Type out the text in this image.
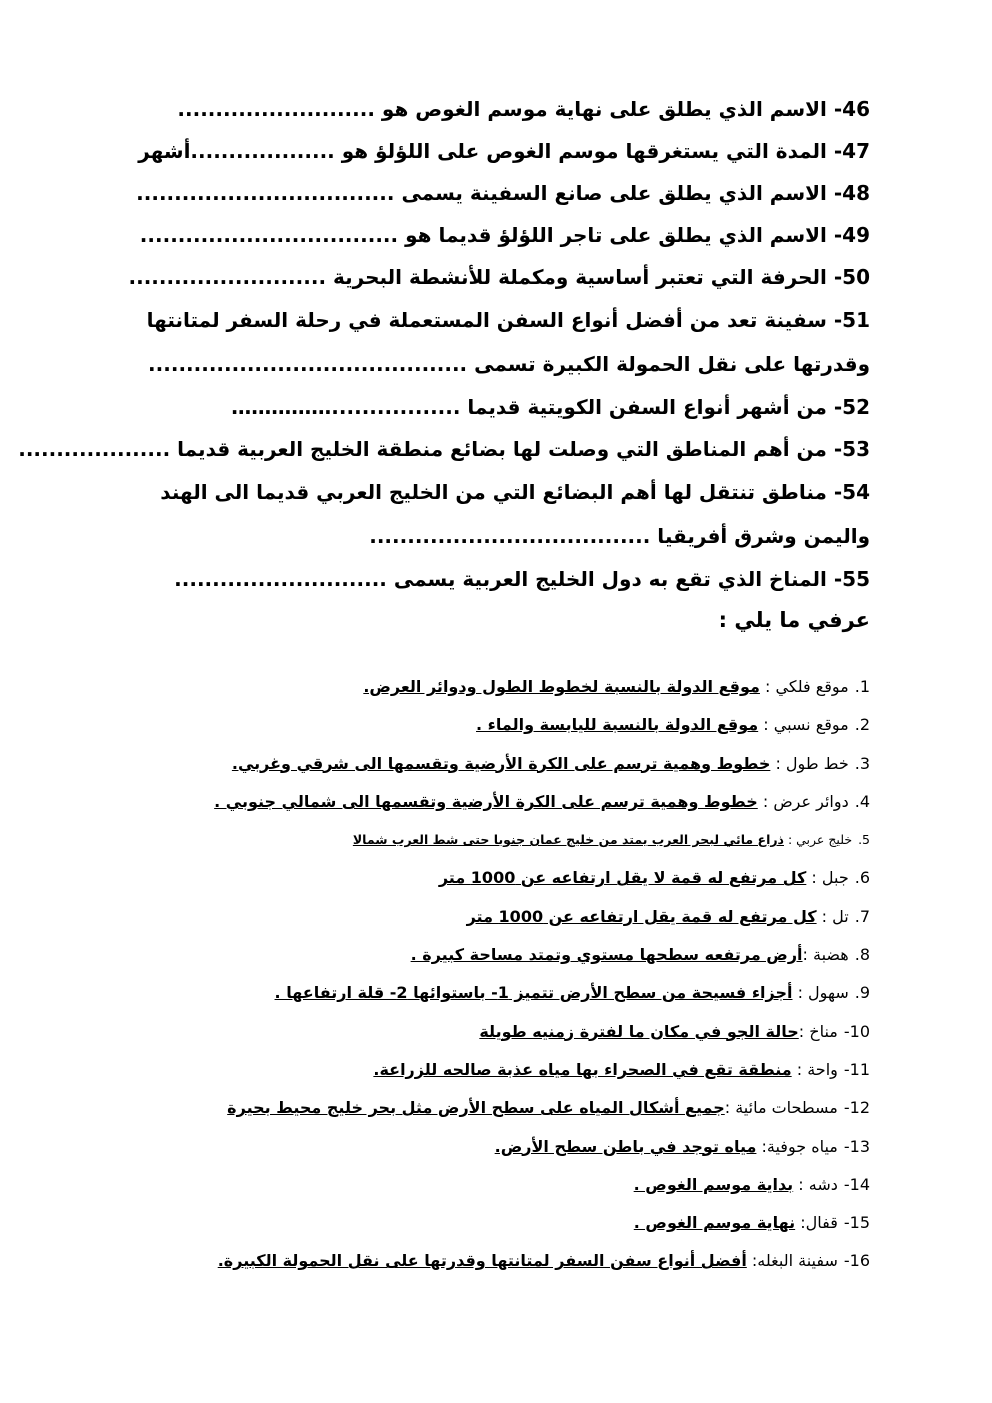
46- الاسم الذي يطلق على نهاية موسم الغوص هو ..........................
47- المدة التي يستغرقها موسم الغوص على اللؤلؤ هو ...................أشهر
48- الاسم الذي يطلق على صانع السفينة يسمى ..................................
49- الاسم الذي يطلق على تاجر اللؤلؤ قديما هو ..................................
50- الحرفة التي تعتبر أساسية ومكملة للأنشطة البحرية ..........................
51- سفينة تعد من أفضل أنواع السفن المستعملة في رحلة السفر لمتانتها وقدرتها على نقل الحمولة الكبيرة تسمى ..........................................
52- من أشهر أنواع السفن الكويتية قديما .................……………
53- من أهم المناطق التي وصلت لها بضائع منطقة الخليج العربية قديما ....................
54- مناطق تنتقل لها أهم البضائع التي من الخليج العربي قديما الى الهند واليمن وشرق أفريقيا .....................................
55- المناخ الذي تقع به دول الخليج العربية يسمى ............................
عرفي ما يلي :
1.موقع فلكي : موقع الدولة بالنسبة لخطوط الطول ودوائر العرض.
2.موقع نسبي : موقع الدولة بالنسبة لليابسة والماء .
3.خط طول : خطوط وهمية ترسم على الكرة الأرضية وتقسمها الى شرقي وغربي.
4.دوائر عرض : خطوط وهمية ترسم على الكرة الأرضية وتقسمها الى شمالي جنوبي .
5.خليج عربي : ذراع مائي لبحر العرب يمتد من خليج عمان جنوبا حتى شط العرب شمالا
6.جبل : كل مرتفع له قمة لا يقل ارتفاعه عن 1000 متر
7.تل : كل مرتفع له قمة يقل ارتفاعه عن 1000 متر
8.هضبة :أرض مرتفعه سطحها مستوي وتمتد مساحة كبيرة .
9.سهول : أجزاء فسيحة من سطح الأرض تتميز 1- باستوائها 2- قلة ارتفاعها .
10-مناخ :حالة الجو في مكان ما لفترة زمنيه طويلة
11-واحة : منطقة تقع في الصحراء بها مياه عذبة صالحه للزراعة.
12-مسطحات مائية :جميع أشكال المياه على سطح الأرض مثل بحر خليج محيط بحيرة
13-مياه جوفية: مياه توجد في باطن سطح الأرض.
14-دشه : بداية موسم الغوص .
15-قفال: نهاية موسم الغوص .
16-سفينة البغله: أفضل أنواع سفن السفر لمتانتها وقدرتها على نقل الحمولة الكبيرة.
